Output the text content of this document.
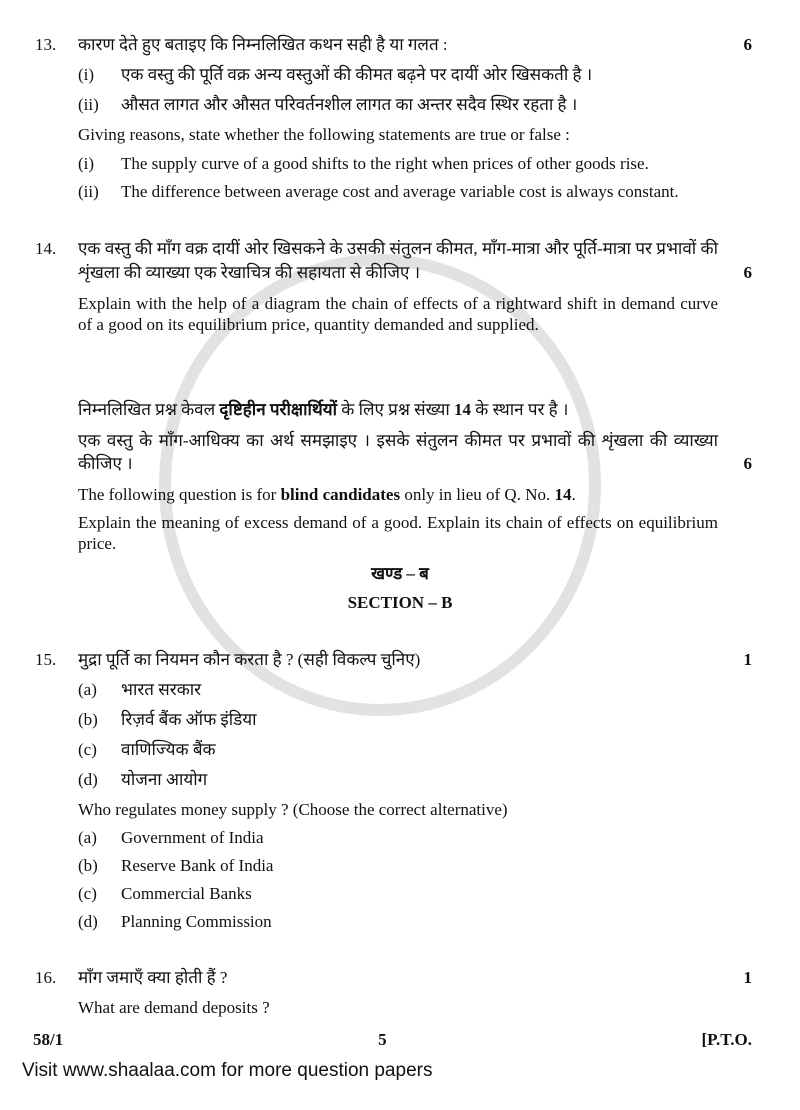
13.	कारण देते हुए बताइए कि निम्नलिखित कथन सही है या गलत :	6
(i)	एक वस्तु की पूर्ति वक्र अन्य वस्तुओं की कीमत बढ़ने पर दायीं ओर खिसकती है ।
(ii)	औसत लागत और औसत परिवर्तनशील लागत का अन्तर सदैव स्थिर रहता है ।
Giving reasons, state whether the following statements are true or false :
(i)	The supply curve of a good shifts to the right when prices of other goods rise.
(ii)	The difference between average cost and average variable cost is always constant.
14.	एक वस्तु की माँग वक्र दायीं ओर खिसकने के उसकी संतुलन कीमत, माँग-मात्रा और पूर्ति-मात्रा पर प्रभावों की शृंखला की व्याख्या एक रेखाचित्र की सहायता से कीजिए ।	6
Explain with the help of a diagram the chain of effects of a rightward shift in demand curve of a good on its equilibrium price, quantity demanded and supplied.
निम्नलिखित प्रश्न केवल दृष्टिहीन परीक्षार्थियों के लिए प्रश्न संख्या 14 के स्थान पर है ।
एक वस्तु के माँग-आधिक्य का अर्थ समझाइए । इसके संतुलन कीमत पर प्रभावों की शृंखला की व्याख्या कीजिए ।	6
The following question is for blind candidates only in lieu of Q. No. 14.
Explain the meaning of excess demand of a good. Explain its chain of effects on equilibrium price.
खण्ड – ब
SECTION – B
15.	मुद्रा पूर्ति का नियमन कौन करता है ? (सही विकल्प चुनिए)	1
(a)	भारत सरकार
(b)	रिज़र्व बैंक ऑफ इंडिया
(c)	वाणिज्यिक बैंक
(d)	योजना आयोग
Who regulates money supply ? (Choose the correct alternative)
(a)	Government of India
(b)	Reserve Bank of India
(c)	Commercial Banks
(d)	Planning Commission
16.	माँग जमाएँ क्या होती हैं ?	1
What are demand deposits ?
58/1	5	[P.T.O.
Visit www.shaalaa.com for more question papers
